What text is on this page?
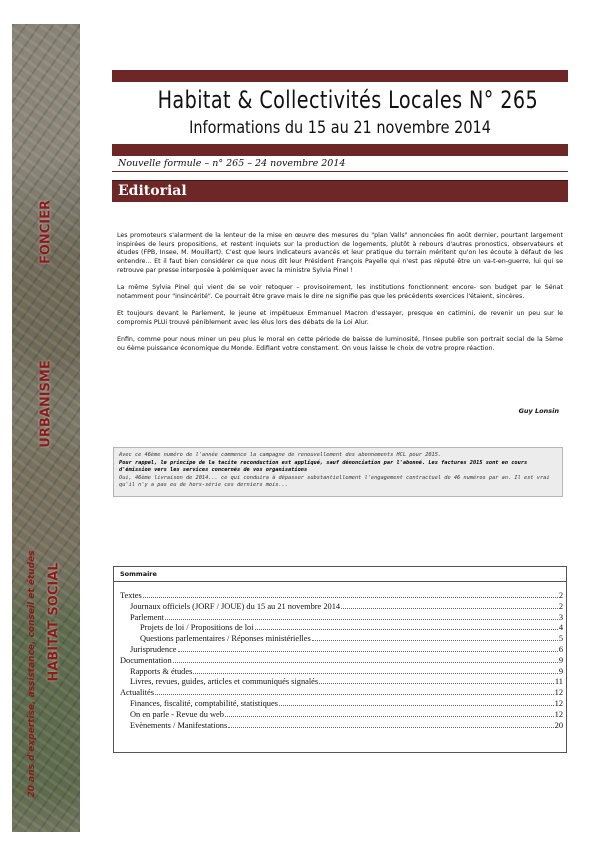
FONCIER
URBANISME
HABITAT SOCIAL
20 ans d'expertise, assistance, conseil et études
Habitat & Collectivités Locales N° 265
Informations du 15 au 21 novembre 2014
Nouvelle formule – n° 265 – 24 novembre 2014
Editorial

Les promoteurs s'alarment de la lenteur de la mise en œuvre des mesures du "plan Valls" annoncées fin août dernier, pourtant largement inspirées de leurs propositions, et restent inquiets sur la production de logements, plutôt à rebours d'autres pronostics, observateurs et études (FPB, Insee, M. Mouillart). C'est que leurs indicateurs avancés et leur pratique du terrain méritent qu'on les écoute à défaut de les entendre... Et il faut bien considérer ce que nous dit leur Président François Payelle qui n'est pas réputé être un va-t-en-guerre, lui qui se retrouve par presse interposée à polémiquer avec la ministre Sylvia Pinel !

La même Sylvia Pinel qui vient de se voir retoquer – provisoirement, les institutions fonctionnent encore- son budget par le Sénat notamment pour "insincérité". Ce pourrait être grave mais le dire ne signifie pas que les précédents exercices l'étaient, sincères.

Et toujours devant le Parlement, le jeune et impétueux Emmanuel Macron d'essayer, presque en catimini, de revenir un peu sur le compromis PLUi trouvé péniblement avec les élus lors des débats de la Loi Alur.

Enfin, comme pour nous miner un peu plus le moral en cette période de baisse de luminosité, l'Insee publie son portrait social de la 5ème ou 6ème puissance économique du Monde. Edifiant votre constament. On vous laisse le choix de votre propre réaction.

Guy Lonsin
Avec ce 46ème numéro de l'année commence la campagne de renouvellement des abonnements HCL pour 2015.
Pour rappel, le principe de la tacite reconduction est appliqué, sauf dénonciation par l'abonné. Les factures 2015 sont en cours d'émission vers les services concernés de vos organisations
Oui, 46ème livraison de 2014... ce qui conduira à dépasser substantiellement l'engagement contractuel de 46 numéros par an. Il est vrai qu'il n'y a pas eu de hors-série ces derniers mois...
Sommaire
Textes	2
Journaux officiels (JORF / JOUE) du 15 au 21 novembre 2014	2
Parlement	3
Projets de loi / Propositions de loi	4
Questions parlementaires / Réponses ministérielles	5
Jurisprudence	6
Documentation	9
Rapports & études	9
Livres, revues, guides, articles et communiqués signalés	11
Actualités	12
Finances, fiscalité, comptabilité, statistiques	12
On en parle - Revue du web	12
Evènements / Manifestations	20
